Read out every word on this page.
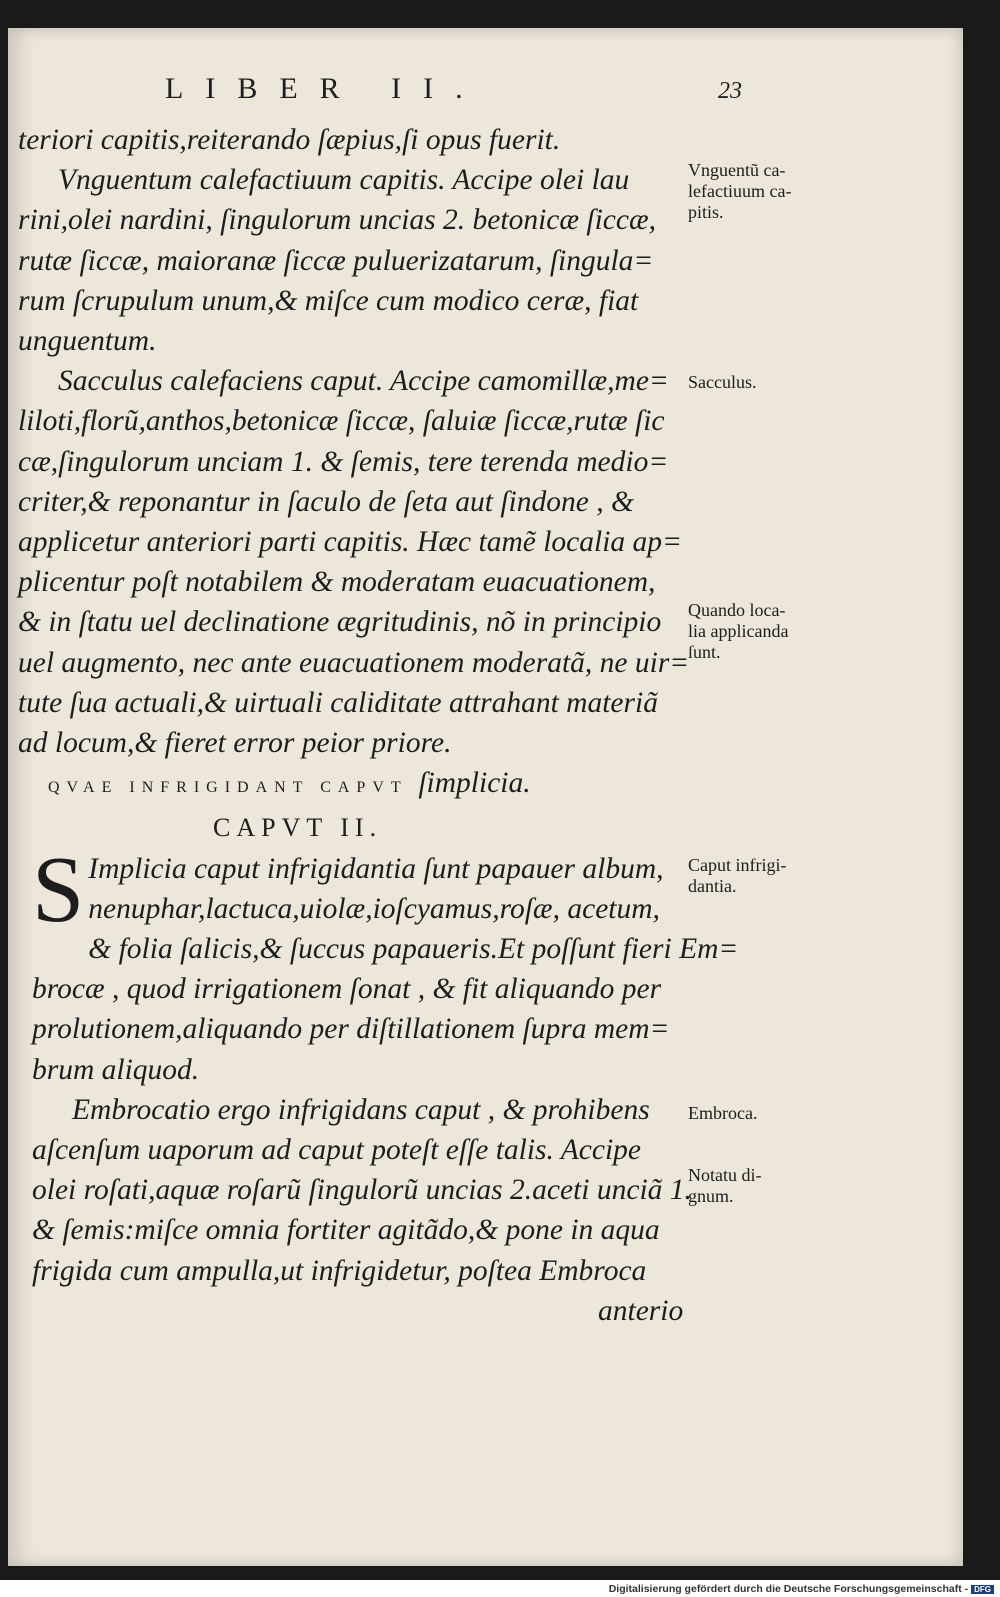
LIBER II.	23

teriori capitis,reiterando ſæpius,ſi opus fuerit.

Vnguentum calefactiuum capitis. Accipe olei lau

rini,olei nardini, ſingulorum uncias 2. betonicæ ſiccæ,

rutæ ſiccæ, maioranæ ſiccæ puluerizatarum, ſingula=

rum ſcrupulum unum,& miſce cum modico ceræ, fiat

unguentum.

Sacculus calefaciens caput. Accipe camomillæ,me=

liloti,florũ,anthos,betonicæ ſiccæ, ſaluiæ ſiccæ,rutæ ſic

cæ,ſingulorum unciam 1. & ſemis, tere terenda medio=

criter,& reponantur in ſaculo de ſeta aut ſindone , &

applicetur anteriori parti capitis. Hæc tamẽ localia ap=

plicentur poſt notabilem & moderatam euacuationem,

& in ſtatu uel declinatione ægritudinis, nõ in principio

uel augmento, nec ante euacuationem moderatã, ne uir=

tute ſua actuali,& uirtuali caliditate attrahant materiã

ad locum,& fieret error peior priore.

QVAE INFRIGIDANT CAPVT ſimplicia.

CAPVT II.

S Implicia caput infrigidantia ſunt papauer album,

nenuphar,lactuca,uiolæ,ioſcyamus,roſæ, acetum,

& folia ſalicis,& ſuccus papaueris.Et poſſunt fieri Em=

brocæ , quod irrigationem ſonat , & fit aliquando per

prolutionem,aliquando per diſtillationem ſupra mem=

brum aliquod.

Embrocatio ergo infrigidans caput , & prohibens

aſcenſum uaporum ad caput poteſt eſſe talis. Accipe

olei roſati,aquæ roſarũ ſingulorũ uncias 2.aceti unciã 1.

& ſemis:miſce omnia fortiter agitãdo,& pone in aqua

frigida cum ampulla,ut infrigidetur, poſtea Embroca

anterio

Vnguentũ ca-
lefactiuum ca-
pitis.
Sacculus.
Quando loca-
lia applicanda
ſunt.
Caput infrigi-
dantia.
Embroca.
Notatu di-
gnum.
Digitalisierung gefördert durch die Deutsche Forschungsgemeinschaft - DFG
